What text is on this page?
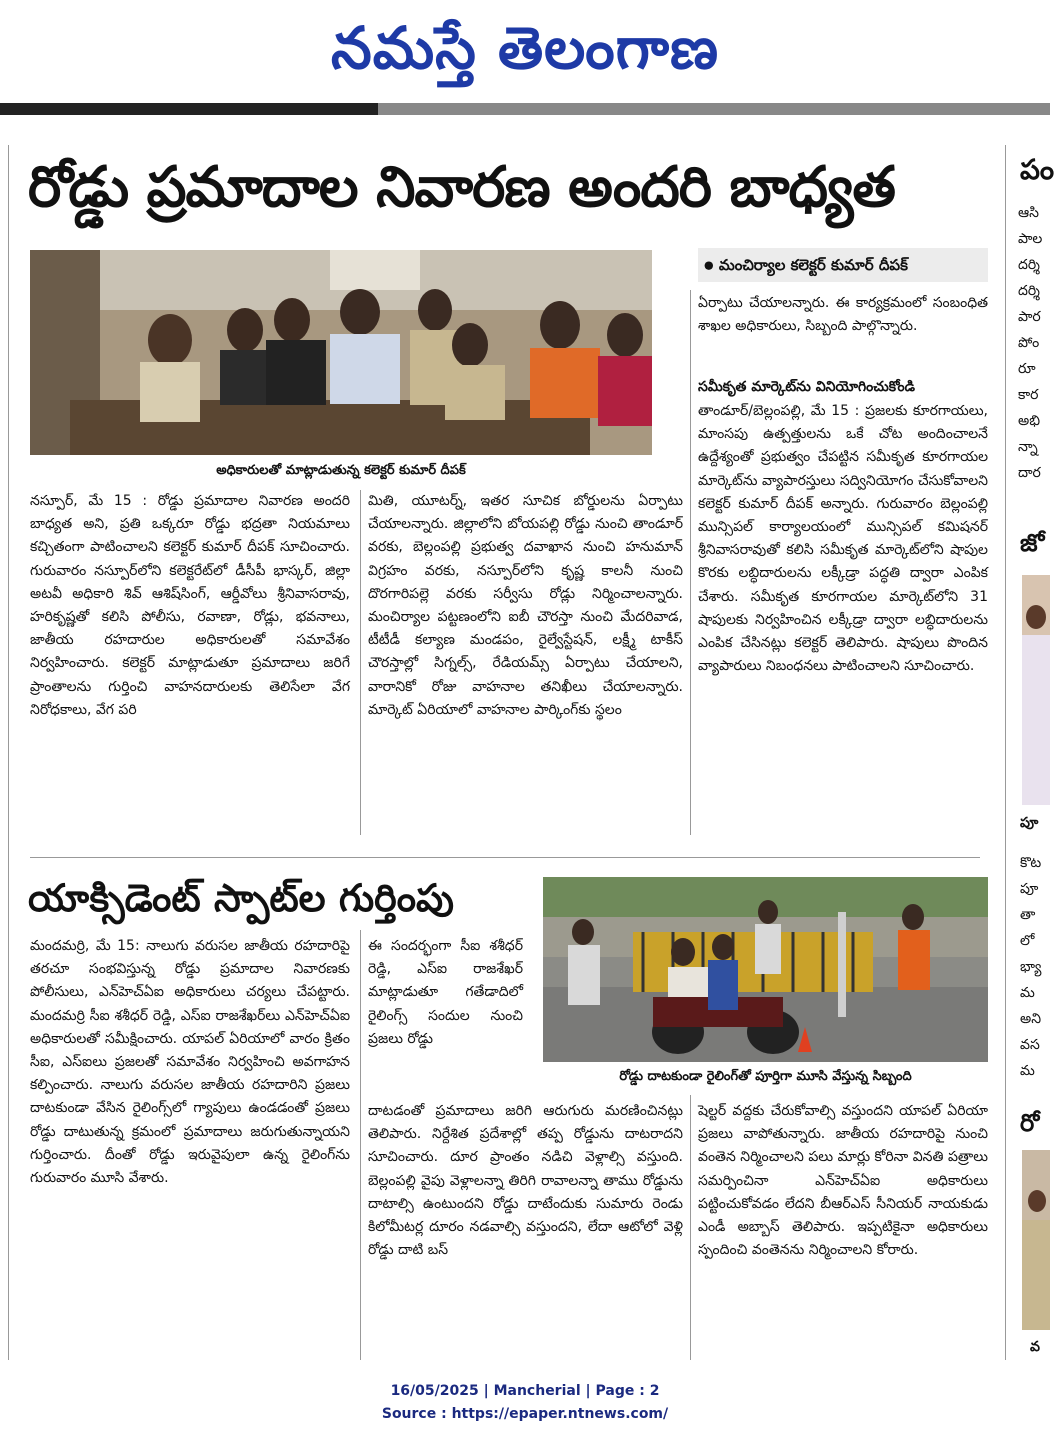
నమస్తే తెలంగాణ
రోడ్డు ప్రమాదాల నివారణ అందరి బాధ్యత
అధికారులతో మాట్లాడుతున్న కలెక్టర్ కుమార్ దీపక్
● మంచిర్యాల కలెక్టర్ కుమార్ దీపక్

నస్పూర్, మే 15 : రోడ్డు ప్రమాదాల నివారణ అందరి బాధ్యత అని, ప్రతి ఒక్కరూ రోడ్డు భద్రతా నియమాలు కచ్చితంగా పాటించాలని కలెక్టర్ కుమార్ దీపక్ సూచించారు. గురువారం నస్పూర్‌లోని కలెక్టరేట్‌లో డీసీపీ భాస్కర్, జిల్లా అటవీ అధికారి శివ్ ఆశిష్‌సింగ్, ఆర్డీవోలు శ్రీనివాసరావు, హరికృష్ణతో కలిసి పోలీసు, రవాణా, రోడ్లు, భవనాలు, జాతీయ రహదారుల అధికారులతో సమావేశం నిర్వహించారు. కలెక్టర్ మాట్లాడుతూ ప్రమాదాలు జరిగే ప్రాంతాలను గుర్తించి వాహనదారులకు తెలిసేలా వేగ నిరోధకాలు, వేగ పరి

మితి, యూటర్న్, ఇతర సూచిక బోర్డులను ఏర్పాటు చేయాలన్నారు. జిల్లాలోని బోయపల్లి రోడ్డు నుంచి తాండూర్ వరకు, బెల్లంపల్లి ప్రభుత్వ దవాఖాన నుంచి హనుమాన్ విగ్రహం వరకు, నస్పూర్‌లోని కృష్ణ కాలనీ నుంచి దొరగారిపల్లె వరకు సర్వీసు రోడ్లు నిర్మించాలన్నారు. మంచిర్యాల పట్టణంలోని ఐబీ చౌరస్తా నుంచి మేదరివాడ, టీటీడీ కల్యాణ మండపం, రైల్వేస్టేషన్, లక్ష్మీ టాకీస్ చౌరస్తాల్లో సిగ్నల్స్, రేడియమ్స్ ఏర్పాటు చేయాలని, వారానికో రోజు వాహనాల తనిఖీలు చేయాలన్నారు. మార్కెట్ ఏరియాలో వాహనాల పార్కింగ్‌కు స్థలం

ఏర్పాటు చేయాలన్నారు. ఈ కార్యక్రమంలో సంబంధిత శాఖల అధికారులు, సిబ్బంది పాల్గొన్నారు.

సమీకృత మార్కెట్‌ను వినియోగించుకోండి

తాండూర్/బెల్లంపల్లి, మే 15 : ప్రజలకు కూరగాయలు, మాంసపు ఉత్పత్తులను ఒకే చోట అందించాలనే ఉద్దేశ్యంతో ప్రభుత్వం చేపట్టిన సమీకృత కూరగాయల మార్కెట్‌ను వ్యాపారస్తులు సద్వినియోగం చేసుకోవాలని కలెక్టర్ కుమార్ దీపక్ అన్నారు. గురువారం బెల్లంపల్లి మున్సిపల్ కార్యాలయంలో మున్సిపల్ కమిషనర్ శ్రీనివాసరావుతో కలిసి సమీకృత మార్కెట్‌లోని షాపుల కొరకు లబ్ధిదారులను లక్కీడ్రా పద్ధతి ద్వారా ఎంపిక చేశారు. సమీకృత కూరగాయల మార్కెట్‌లోని 31 షాపులకు నిర్వహించిన లక్కీడ్రా ద్వారా లబ్ధిదారులను ఎంపిక చేసినట్లు కలెక్టర్ తెలిపారు. షాపులు పొందిన వ్యాపారులు నిబంధనలు పాటించాలని సూచించారు.

యాక్సిడెంట్ స్పాట్‌ల గుర్తింపు
రోడ్డు దాటకుండా రైలింగ్‌తో పూర్తిగా మూసి వేస్తున్న సిబ్బంది

మందమర్రి, మే 15: నాలుగు వరుసల జాతీయ రహదారిపై తరచూ సంభవిస్తున్న రోడ్డు ప్రమాదాల నివారణకు పోలీసులు, ఎన్‌హెచ్‌ఏఐ అధికారులు చర్యలు చేపట్టారు. మందమర్రి సీఐ శశీధర్ రెడ్డి, ఎస్ఐ రాజశేఖర్‌లు ఎన్‌హెచ్‌ఏఐ అధికారులతో సమీక్షించారు. యాపల్ ఏరియాలో వారం క్రితం సీఐ, ఎస్ఐలు ప్రజలతో సమావేశం నిర్వహించి అవగాహన కల్పించారు. నాలుగు వరుసల జాతీయ రహదారిని ప్రజలు దాటకుండా వేసిన రైలింగ్స్‌లో గ్యాపులు ఉండడంతో ప్రజలు రోడ్డు దాటుతున్న క్రమంలో ప్రమాదాలు జరుగుతున్నాయని గుర్తించారు. దీంతో రోడ్డు ఇరువైపులా ఉన్న రైలింగ్‌ను గురువారం మూసి వేశారు.

ఈ సందర్భంగా సీఐ శశీధర్ రెడ్డి, ఎస్ఐ రాజశేఖర్ మాట్లాడుతూ గతేడాదిలో రైలింగ్స్ సందుల నుంచి ప్రజలు రోడ్డు

దాటడంతో ప్రమాదాలు జరిగి ఆరుగురు మరణించినట్లు తెలిపారు. నిర్దేశిత ప్రదేశాల్లో తప్ప రోడ్డును దాటరాదని సూచించారు. దూర ప్రాంతం నడిచి వెళ్లాల్సి వస్తుంది. బెల్లంపల్లి వైపు వెళ్లాలన్నా తిరిగి రావాలన్నా తాము రోడ్డును దాటాల్సి ఉంటుందని రోడ్డు దాటేందుకు సుమారు రెండు కిలోమీటర్ల దూరం నడవాల్సి వస్తుందని, లేదా ఆటోలో వెళ్లి రోడ్డు దాటి బస్

షెల్టర్ వద్దకు చేరుకోవాల్సి వస్తుందని యాపల్ ఏరియా ప్రజలు వాపోతున్నారు. జాతీయ రహదారిపై నుంచి వంతెన నిర్మించాలని పలు మార్లు కోరినా వినతి పత్రాలు సమర్పించినా ఎన్‌హెచ్‌ఏఐ అధికారులు పట్టించుకోవడం లేదని బీఆర్‌ఎస్ సీనియర్ నాయకుడు ఎండీ అబ్బాస్ తెలిపారు. ఇప్పటికైనా అధికారులు స్పందించి వంతెనను నిర్మించాలని కోరారు.

పం
ఆసి
పాల
దర్శి
దర్శి
పార
పోం
రూ
కార
అభి
న్నా
దార
జో
పూ
కొట
పూ
తా
లో
భ్యా
మ
అని
వస
మ
రో
వ
16/05/2025 | Mancherial | Page : 2
Source : https://epaper.ntnews.com/
